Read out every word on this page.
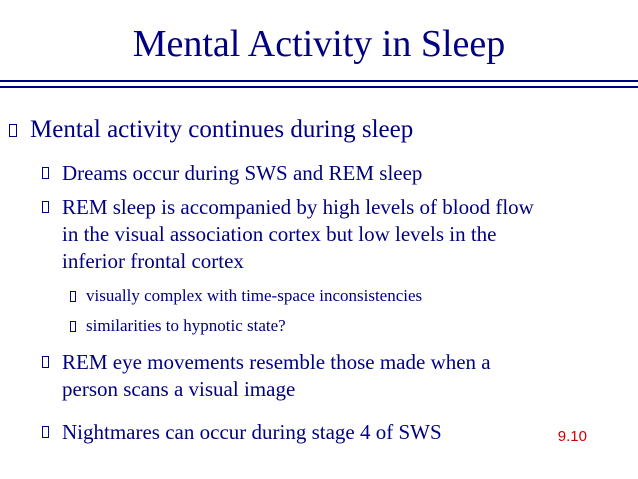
Mental Activity in Sleep
Mental activity continues during sleep
Dreams occur during SWS and REM sleep
REM sleep is accompanied by high levels of blood flow
in the visual association cortex but low levels in the
inferior frontal cortex
visually complex with time-space inconsistencies
similarities to hypnotic state?
REM eye movements resemble those made when a
person scans a visual image
Nightmares can occur during stage 4 of SWS	9.10
